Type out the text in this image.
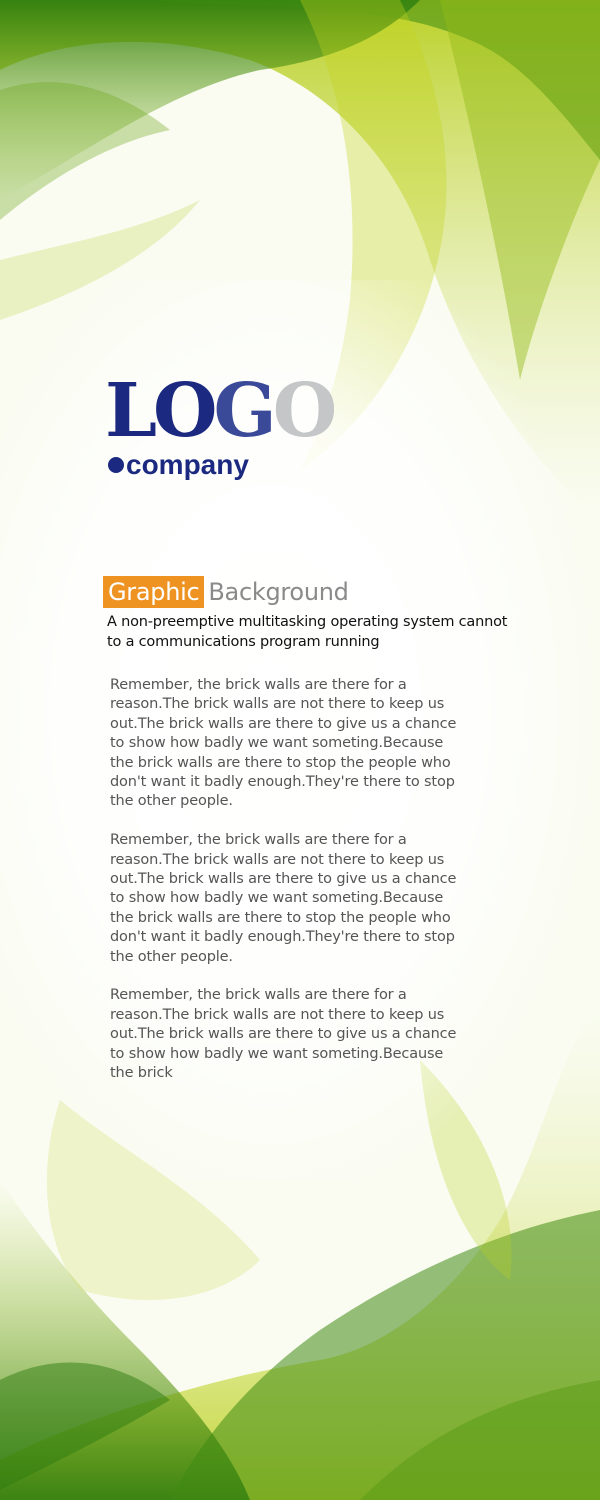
LOGO
company
Graphic Background
A non-preemptive multitasking operating system cannot
to a communications program running
Remember, the brick walls are there for a
reason.The brick walls are not there to keep us
out.The brick walls are there to give us a chance
to show how badly we want someting.Because
the brick walls are there to stop the people who
don't want it badly enough.They're there to stop
the other people.
Remember, the brick walls are there for a
reason.The brick walls are not there to keep us
out.The brick walls are there to give us a chance
to show how badly we want someting.Because
the brick walls are there to stop the people who
don't want it badly enough.They're there to stop
the other people.
Remember, the brick walls are there for a
reason.The brick walls are not there to keep us
out.The brick walls are there to give us a chance
to show how badly we want someting.Because
the brick
